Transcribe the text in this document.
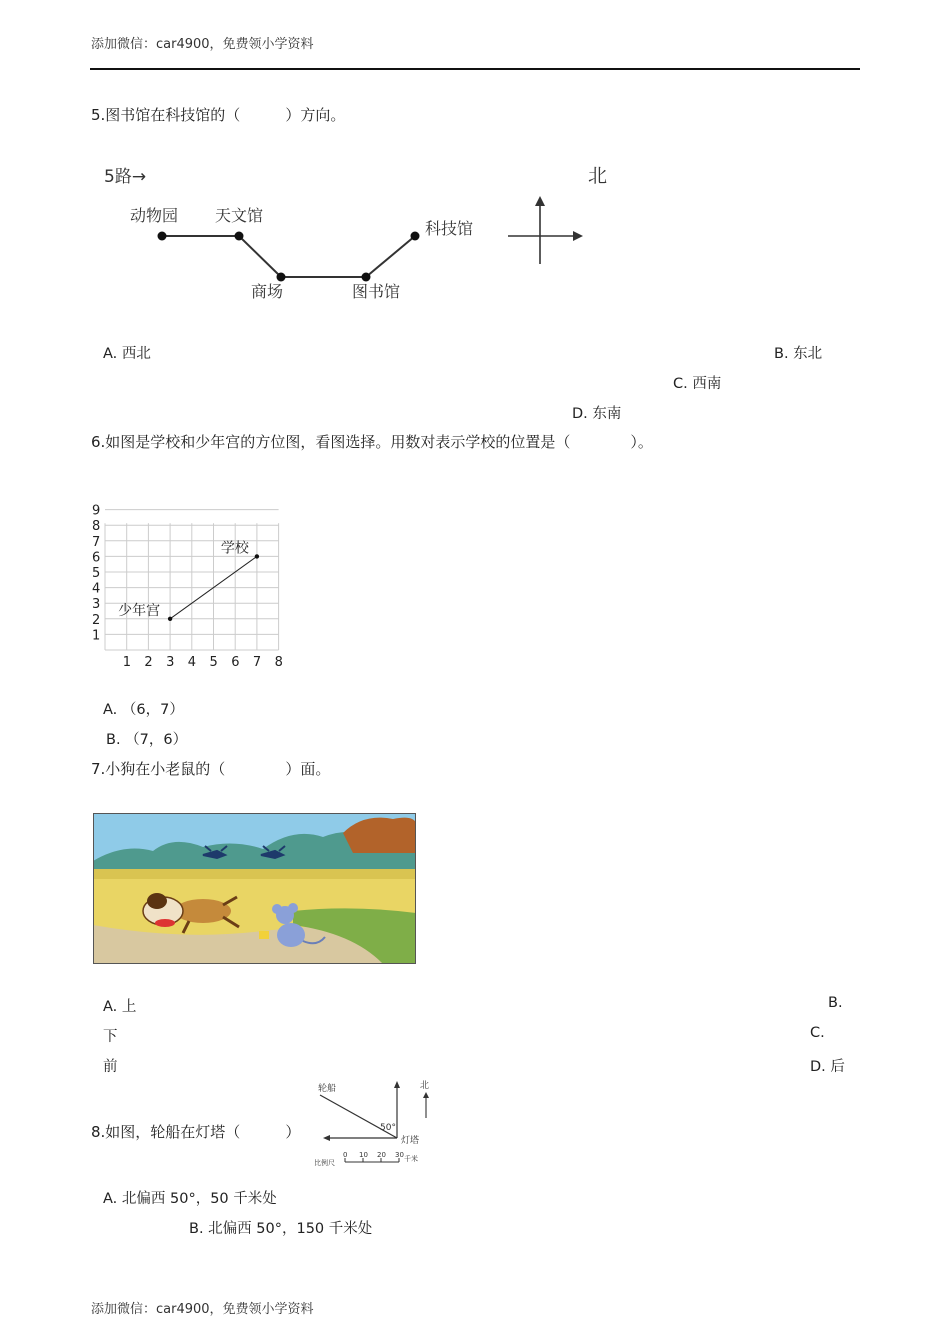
添加微信：car4900，免费领小学资料
5.图书馆在科技馆的（　　　）方向。
5路→
动物园 天文馆
商场	图书馆
科技馆
北
A. 西北	B. 东北
C. 西南
D. 东南
6.如图是学校和少年宫的方位图，看图选择。用数对表示学校的位置是（　　　　）。
少年宫
学校
1 2 3 4 5 6 7 8
1
2
3
4
5
6
7
8
9
A. （6，7）
B. （7，6）
7.小狗在小老鼠的（　　　　）面。
A. 上	B.
下	C.
前	D. 后
8.如图，轮船在灯塔（　　　）
轮船
50°
灯塔
北
比例尺
0 10 20 30 千米
A. 北偏西 50°，50 千米处
B. 北偏西 50°，150 千米处
添加微信：car4900，免费领小学资料
